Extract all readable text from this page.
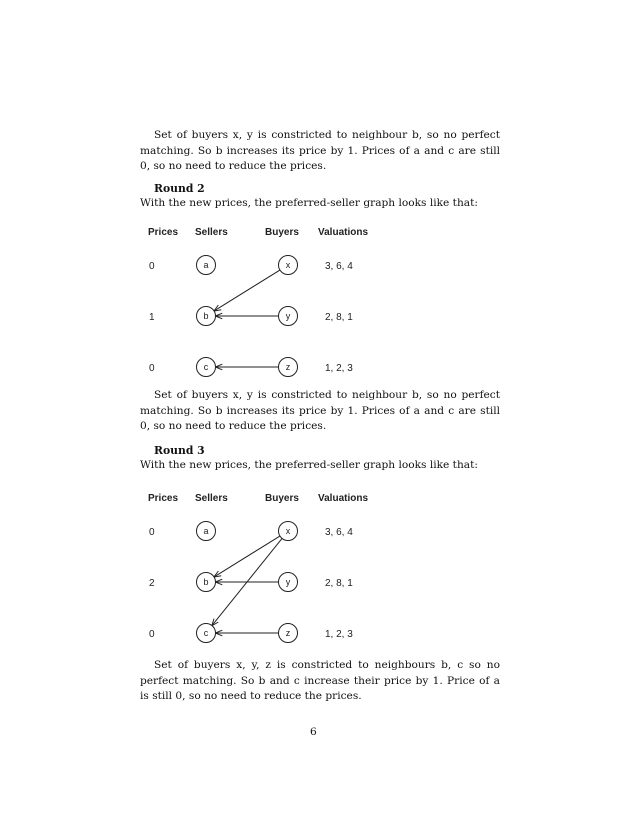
Set of buyers x, y is constricted to neighbour b, so no perfect matching. So b increases its price by 1. Prices of a and c are still 0, so no need to reduce the prices.

Round 2

With the new prices, the preferred-seller graph looks like that:

Prices Sellers	Buyers Valuations
0	a	x	3, 6, 4
1	b	y	2, 8, 1
0	c	z	1, 2, 3

Set of buyers x, y is constricted to neighbour b, so no perfect matching. So b increases its price by 1. Prices of a and c are still 0, so no need to reduce the prices.

Round 3

With the new prices, the preferred-seller graph looks like that:

Prices Sellers	Buyers Valuations
0	a	x	3, 6, 4
2	b	y	2, 8, 1
0	c	z	1, 2, 3

Set of buyers x, y, z is constricted to neighbours b, c so no perfect matching. So b and c increase their price by 1. Price of a is still 0, so no need to reduce the prices.

6
